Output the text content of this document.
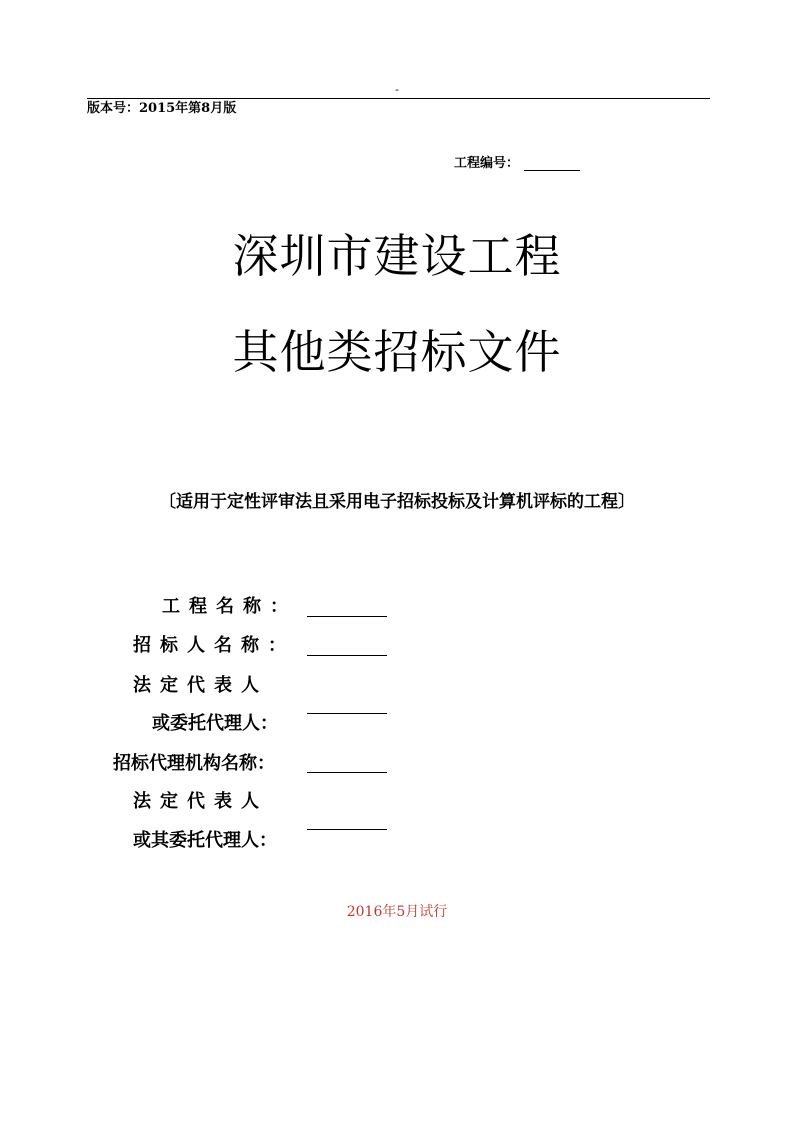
-
版本号：2015年第8月版
工程编号：
深圳市建设工程
其他类招标文件
〔适用于定性评审法且采用电子招标投标及计算机评标的工程〕
工程名称：
招标人名称：
法定代表人
或委托代理人：
招标代理机构名称：
法定代表人
或其委托代理人：
2016年5月试行
